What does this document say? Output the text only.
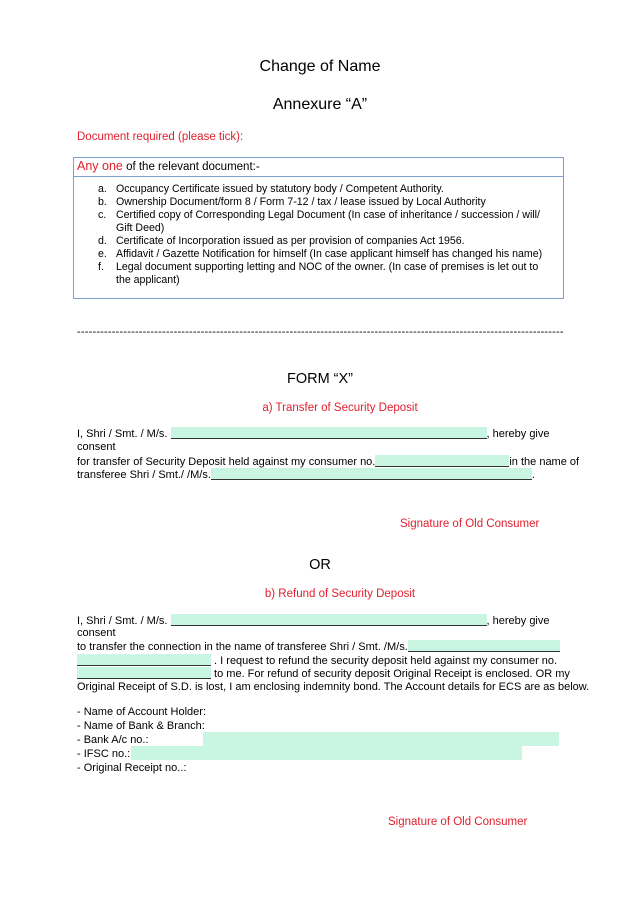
Change of Name
Annexure “A”
Document required (please tick):
Any one of the relevant document:-
a. Occupancy Certificate issued by statutory body / Competent Authority.
b. Ownership Document/form 8 / Form 7-12 / tax / lease issued by Local Authority
c. Certified copy of Corresponding Legal Document (In case of inheritance / succession / will/ Gift Deed)
d. Certificate of Incorporation issued as per provision of companies Act 1956.
e. Affidavit / Gazette Notification for himself (In case applicant himself has changed his name)
f. Legal document supporting letting and NOC of the owner. (In case of premises is let out to the applicant)
------------------------------------------------------------------------------------------------------------------------------
FORM “X”
a) Transfer of Security Deposit
I, Shri / Smt. / M/s.	, hereby give
consent
for transfer of Security Deposit held against my consumer no.	in the name of
transferee Shri / Smt./ /M/s.	.
Signature of Old Consumer
OR
b) Refund of Security Deposit
I, Shri / Smt. / M/s.	, hereby give
consent
to transfer the connection in the name of transferee Shri / Smt. /M/s.
. I request to refund the security deposit held against my consumer no.
to me. For refund of security deposit Original Receipt is enclosed. OR my
Original Receipt of S.D. is lost, I am enclosing indemnity bond. The Account details for ECS are as below.
- Name of Account Holder:
- Name of Bank & Branch:
- Bank A/c no.:
- IFSC no.:
- Original Receipt no..:
Signature of Old Consumer
